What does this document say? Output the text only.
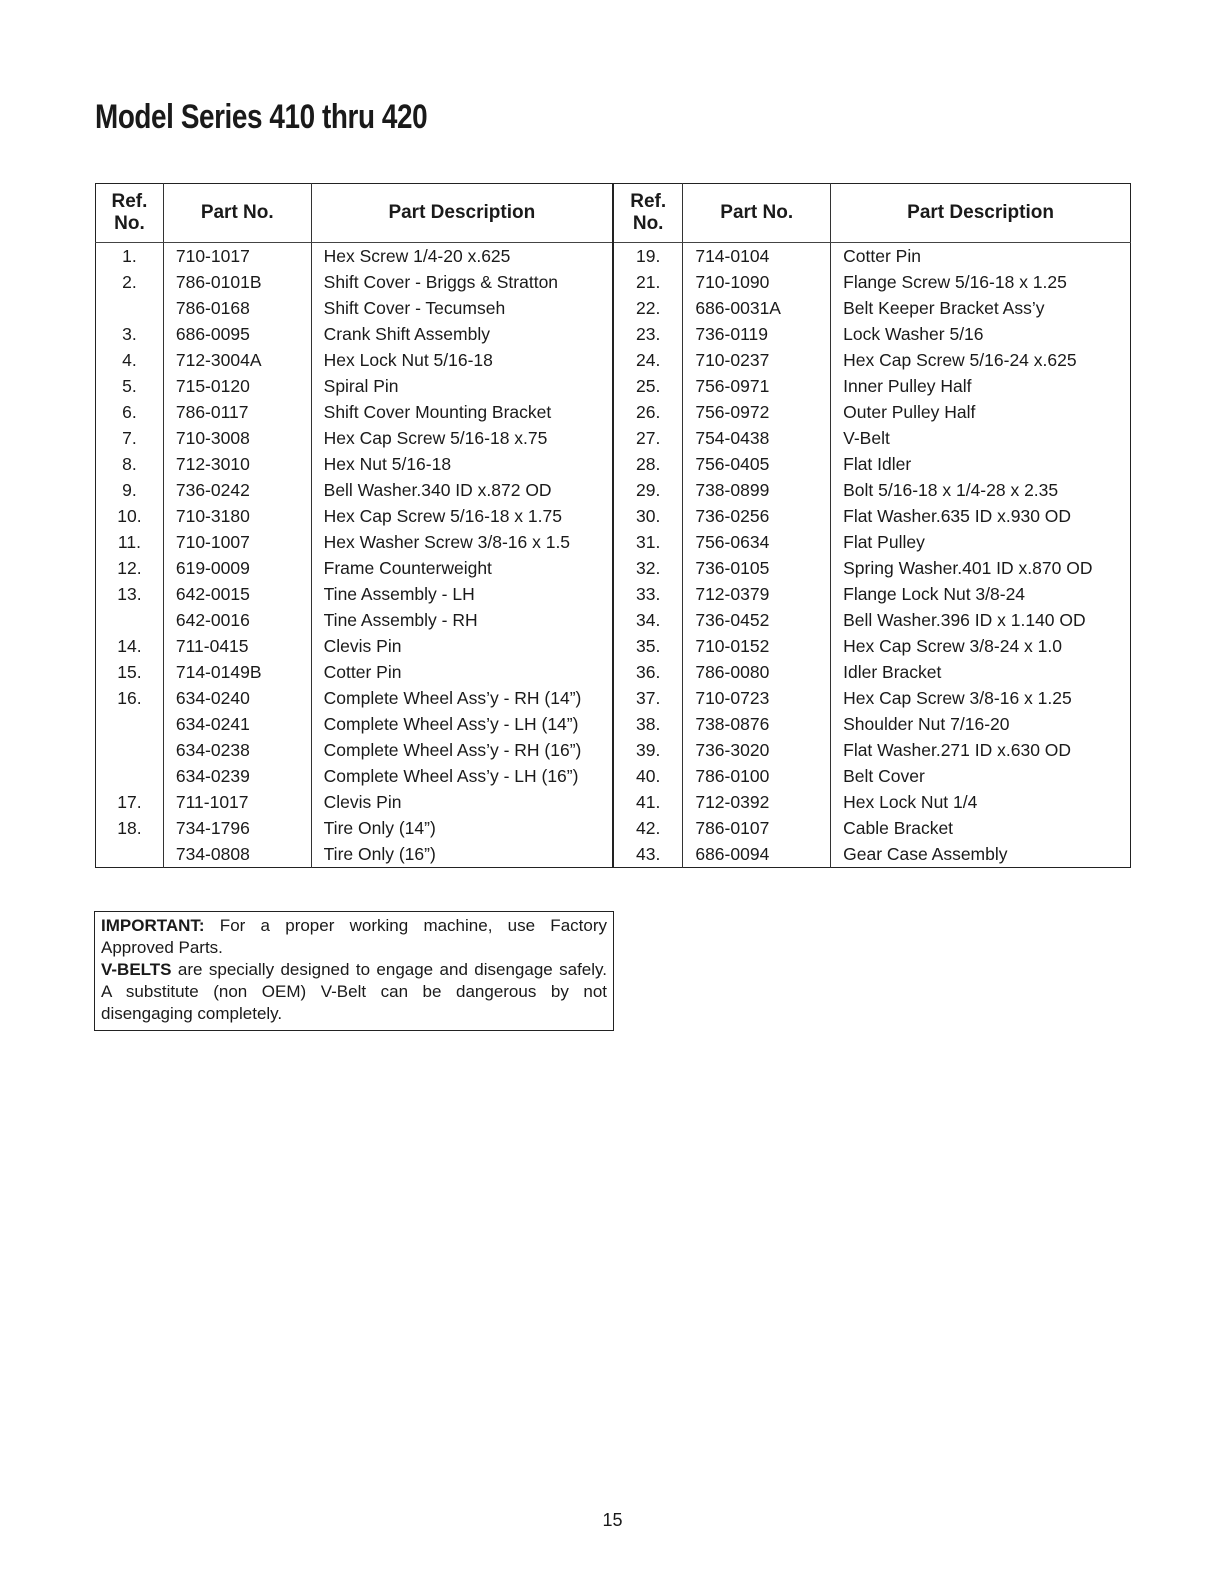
Model Series 410 thru 420
Ref.
No.	Part No.	Part Description	Ref.
No.	Part No.	Part Description
1.	710-1017	Hex Screw 1/4-20 x.625	19.	714-0104	Cotter Pin
2.	786-0101B	Shift Cover - Briggs & Stratton	21.	710-1090	Flange Screw 5/16-18 x 1.25
	786-0168	Shift Cover - Tecumseh	22.	686-0031A	Belt Keeper Bracket Ass’y
3.	686-0095	Crank Shift Assembly	23.	736-0119	Lock Washer 5/16
4.	712-3004A	Hex Lock Nut 5/16-18	24.	710-0237	Hex Cap Screw 5/16-24 x.625
5.	715-0120	Spiral Pin	25.	756-0971	Inner Pulley Half
6.	786-0117	Shift Cover Mounting Bracket	26.	756-0972	Outer Pulley Half
7.	710-3008	Hex Cap Screw 5/16-18 x.75	27.	754-0438	V-Belt
8.	712-3010	Hex Nut 5/16-18	28.	756-0405	Flat Idler
9.	736-0242	Bell Washer.340 ID x.872 OD	29.	738-0899	Bolt 5/16-18 x 1/4-28 x 2.35
10.	710-3180	Hex Cap Screw 5/16-18 x 1.75	30.	736-0256	Flat Washer.635 ID x.930 OD
11.	710-1007	Hex Washer Screw 3/8-16 x 1.5	31.	756-0634	Flat Pulley
12.	619-0009	Frame Counterweight	32.	736-0105	Spring Washer.401 ID x.870 OD
13.	642-0015	Tine Assembly - LH	33.	712-0379	Flange Lock Nut 3/8-24
	642-0016	Tine Assembly - RH	34.	736-0452	Bell Washer.396 ID x 1.140 OD
14.	711-0415	Clevis Pin	35.	710-0152	Hex Cap Screw 3/8-24 x 1.0
15.	714-0149B	Cotter Pin	36.	786-0080	Idler Bracket
16.	634-0240	Complete Wheel Ass’y - RH (14”)	37.	710-0723	Hex Cap Screw 3/8-16 x 1.25
	634-0241	Complete Wheel Ass’y - LH (14”)	38.	738-0876	Shoulder Nut 7/16-20
	634-0238	Complete Wheel Ass’y - RH (16”)	39.	736-3020	Flat Washer.271 ID x.630 OD
	634-0239	Complete Wheel Ass’y - LH (16”)	40.	786-0100	Belt Cover
17.	711-1017	Clevis Pin	41.	712-0392	Hex Lock Nut 1/4
18.	734-1796	Tire Only (14”)	42.	786-0107	Cable Bracket
	734-0808	Tire Only (16”)	43.	686-0094	Gear Case Assembly
IMPORTANT: For a proper working machine, use Factory Approved Parts.
V-BELTS are specially designed to engage and disengage safely. A substitute (non OEM) V-Belt can be dangerous by not disengaging completely.
15
